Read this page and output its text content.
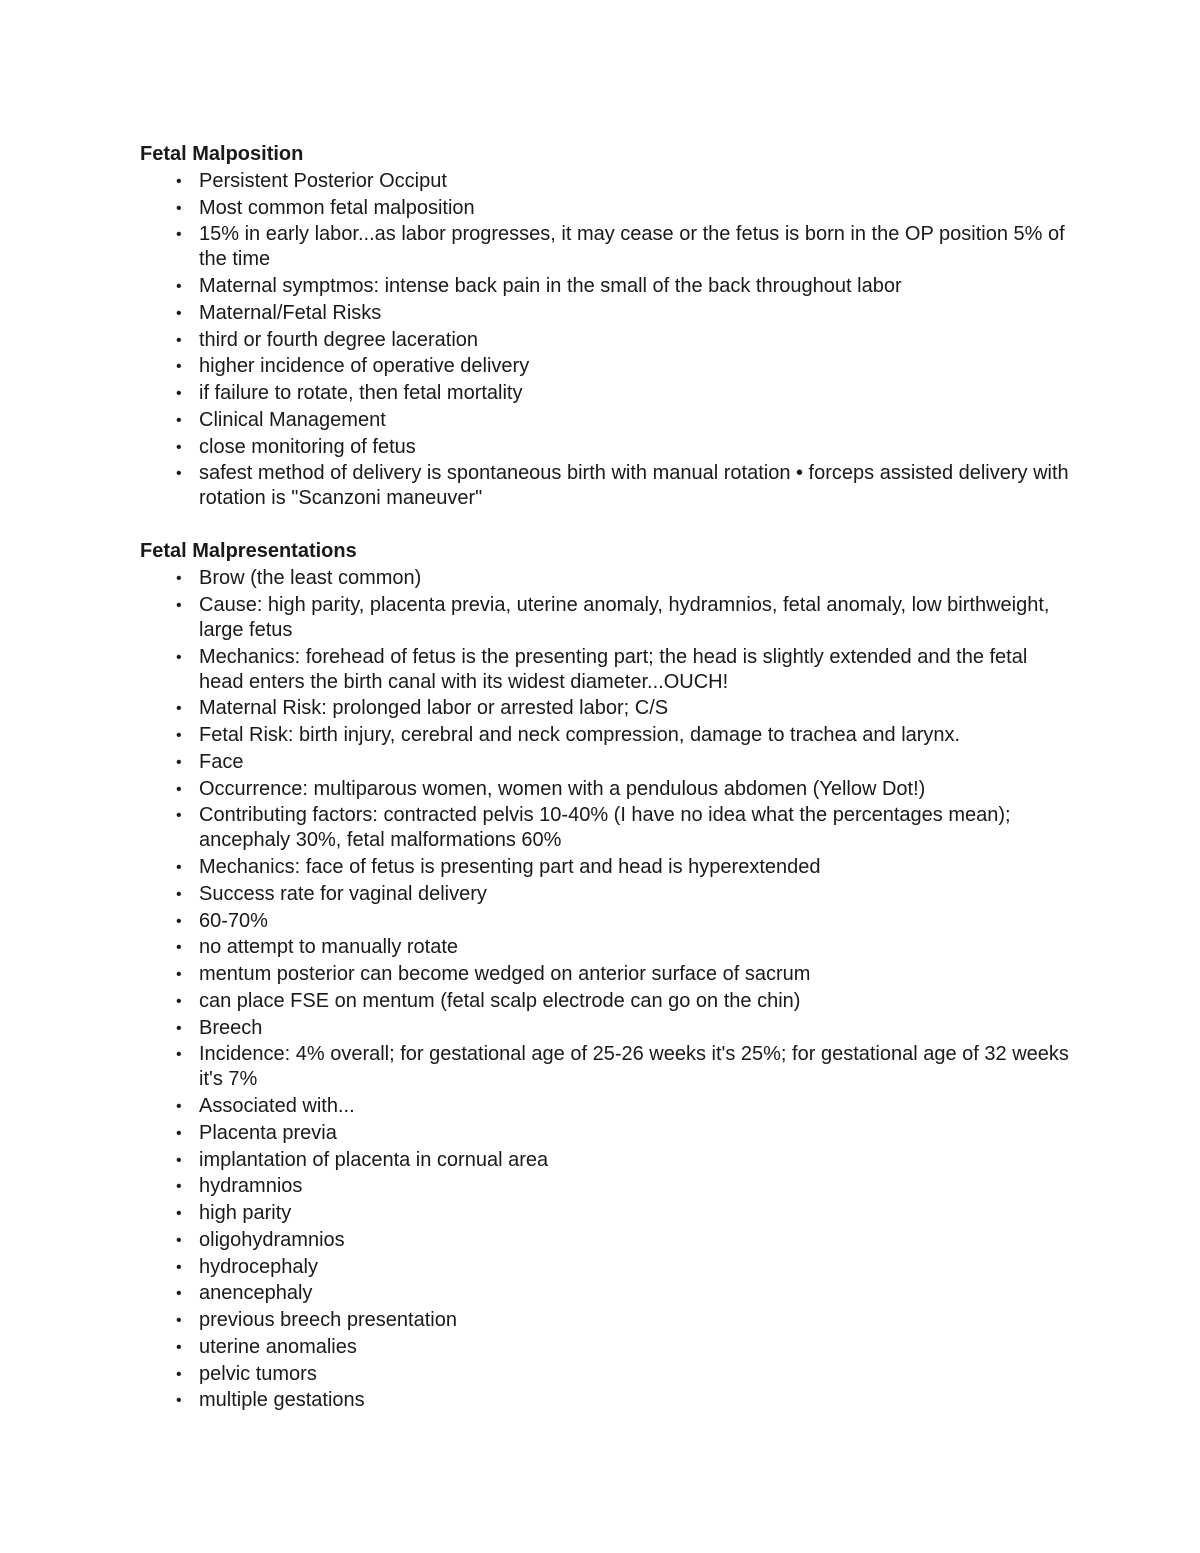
Fetal Malposition
• Persistent Posterior Occiput
• Most common fetal malposition
• 15% in early labor...as labor progresses, it may cease or the fetus is born in the OP position 5% of the time
• Maternal symptmos: intense back pain in the small of the back throughout labor
• Maternal/Fetal Risks
• third or fourth degree laceration
• higher incidence of operative delivery
• if failure to rotate, then fetal mortality
• Clinical Management
• close monitoring of fetus
• safest method of delivery is spontaneous birth with manual rotation • forceps assisted delivery with rotation is "Scanzoni maneuver"
Fetal Malpresentations
• Brow (the least common)
• Cause: high parity, placenta previa, uterine anomaly, hydramnios, fetal anomaly, low birthweight, large fetus
• Mechanics: forehead of fetus is the presenting part; the head is slightly extended and the fetal head enters the birth canal with its widest diameter...OUCH!
• Maternal Risk: prolonged labor or arrested labor; C/S
• Fetal Risk: birth injury, cerebral and neck compression, damage to trachea and larynx.
• Face
• Occurrence: multiparous women, women with a pendulous abdomen (Yellow Dot!)
• Contributing factors: contracted pelvis 10-40% (I have no idea what the percentages mean); ancephaly 30%, fetal malformations 60%
• Mechanics: face of fetus is presenting part and head is hyperextended
• Success rate for vaginal delivery
• 60-70%
• no attempt to manually rotate
• mentum posterior can become wedged on anterior surface of sacrum
• can place FSE on mentum (fetal scalp electrode can go on the chin)
• Breech
• Incidence: 4% overall; for gestational age of 25-26 weeks it's 25%; for gestational age of 32 weeks it's 7%
• Associated with...
• Placenta previa
• implantation of placenta in cornual area
• hydramnios
• high parity
• oligohydramnios
• hydrocephaly
• anencephaly
• previous breech presentation
• uterine anomalies
• pelvic tumors
• multiple gestations
